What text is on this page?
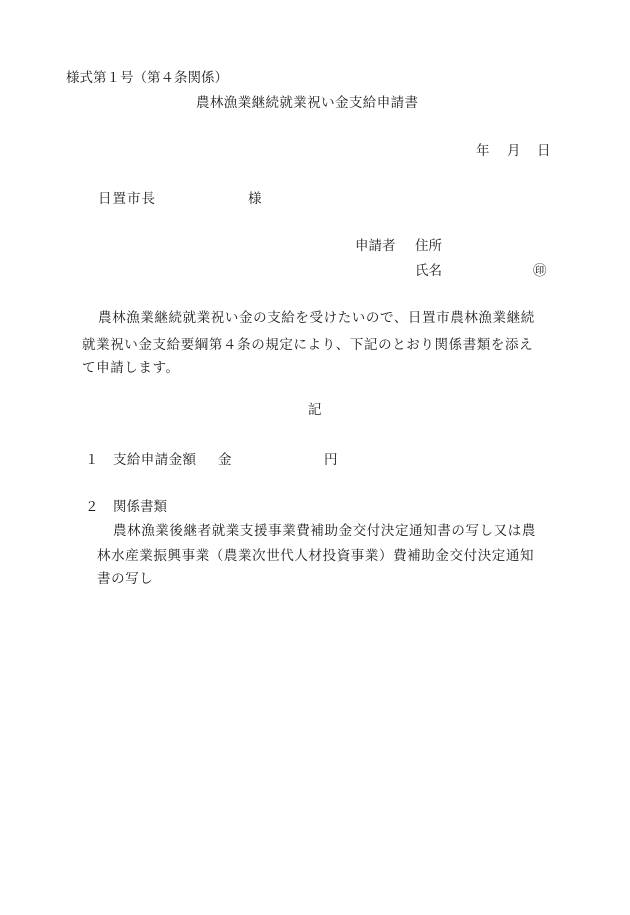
様式第１号（第４条関係）
農林漁業継続就業祝い金支給申請書
年 月 日
日置市長	様
申請者 住所
氏名	㊞
農林漁業継続就業祝い金の支給を受けたいので、日置市農林漁業継続
就業祝い金支給要綱第４条の規定により、下記のとおり関係書類を添え
て申請します。
記
１ 支給申請金額 金	円
２ 関係書類
農林漁業後継者就業支援事業費補助金交付決定通知書の写し又は農
林水産業振興事業（農業次世代人材投資事業）費補助金交付決定通知
書の写し
